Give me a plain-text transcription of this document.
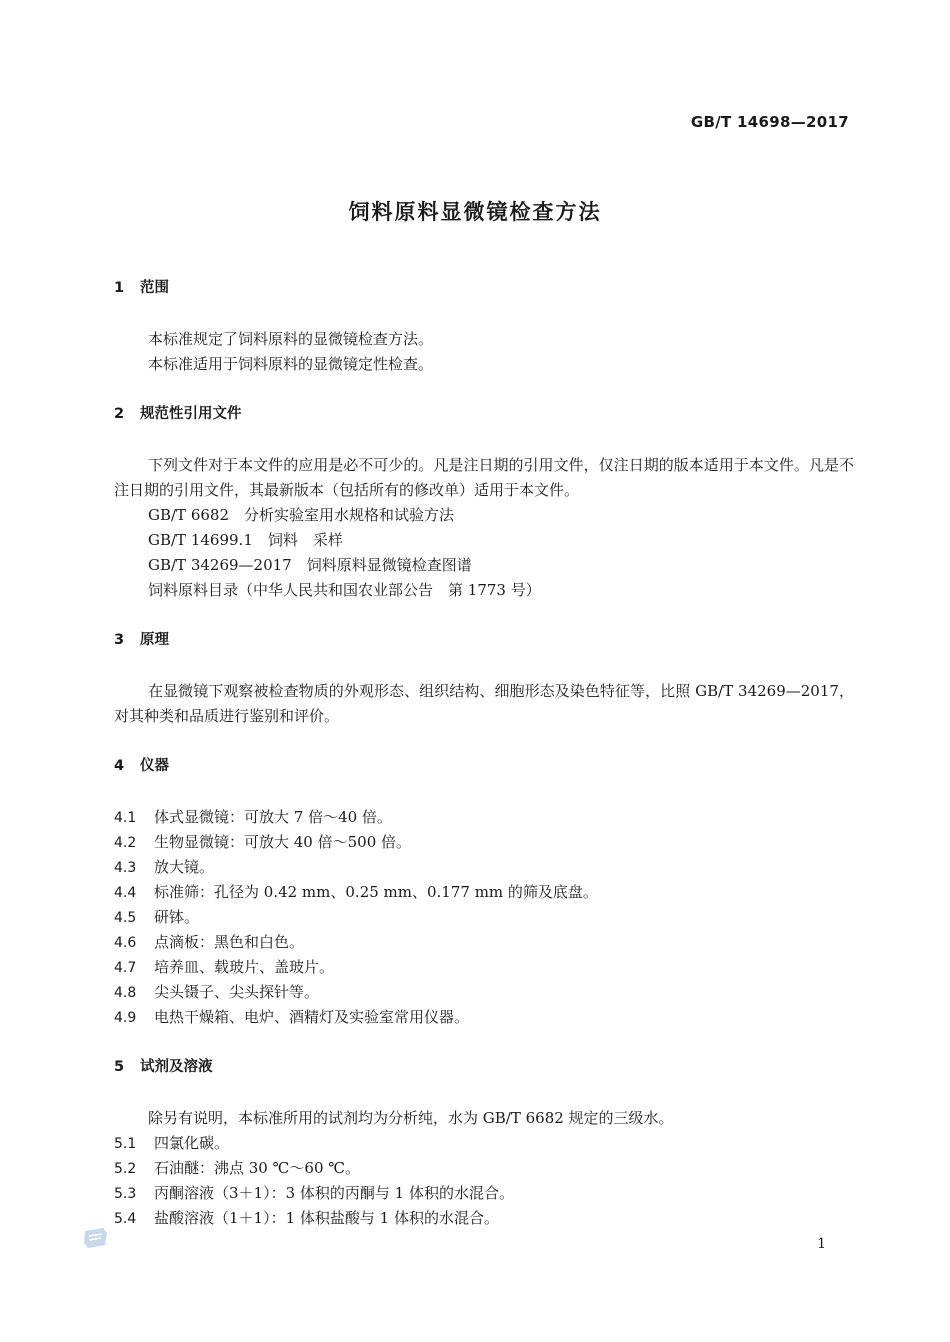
GB/T 14698—2017
饲料原料显微镜检查方法
1 范围
本标准规定了饲料原料的显微镜检查方法。
本标准适用于饲料原料的显微镜定性检查。
2 规范性引用文件
下列文件对于本文件的应用是必不可少的。凡是注日期的引用文件，仅注日期的版本适用于本文件。凡是不注日期的引用文件，其最新版本（包括所有的修改单）适用于本文件。
GB/T 6682　分析实验室用水规格和试验方法
GB/T 14699.1　饲料　采样
GB/T 34269—2017　饲料原料显微镜检查图谱
饲料原料目录（中华人民共和国农业部公告　第 1773 号）
3 原理
在显微镜下观察被检查物质的外观形态、组织结构、细胞形态及染色特征等，比照 GB/T 34269—2017，对其种类和品质进行鉴别和评价。
4 仪器
4.1 体式显微镜：可放大 7 倍～40 倍。
4.2 生物显微镜：可放大 40 倍～500 倍。
4.3 放大镜。
4.4 标准筛：孔径为 0.42 mm、0.25 mm、0.177 mm 的筛及底盘。
4.5 研钵。
4.6 点滴板：黑色和白色。
4.7 培养皿、载玻片、盖玻片。
4.8 尖头镊子、尖头探针等。
4.9 电热干燥箱、电炉、酒精灯及实验室常用仪器。
5 试剂及溶液
除另有说明，本标准所用的试剂均为分析纯，水为 GB/T 6682 规定的三级水。
5.1 四氯化碳。
5.2 石油醚：沸点 30 ℃～60 ℃。
5.3 丙酮溶液（3＋1）：3 体积的丙酮与 1 体积的水混合。
5.4 盐酸溶液（1＋1）：1 体积盐酸与 1 体积的水混合。
1
